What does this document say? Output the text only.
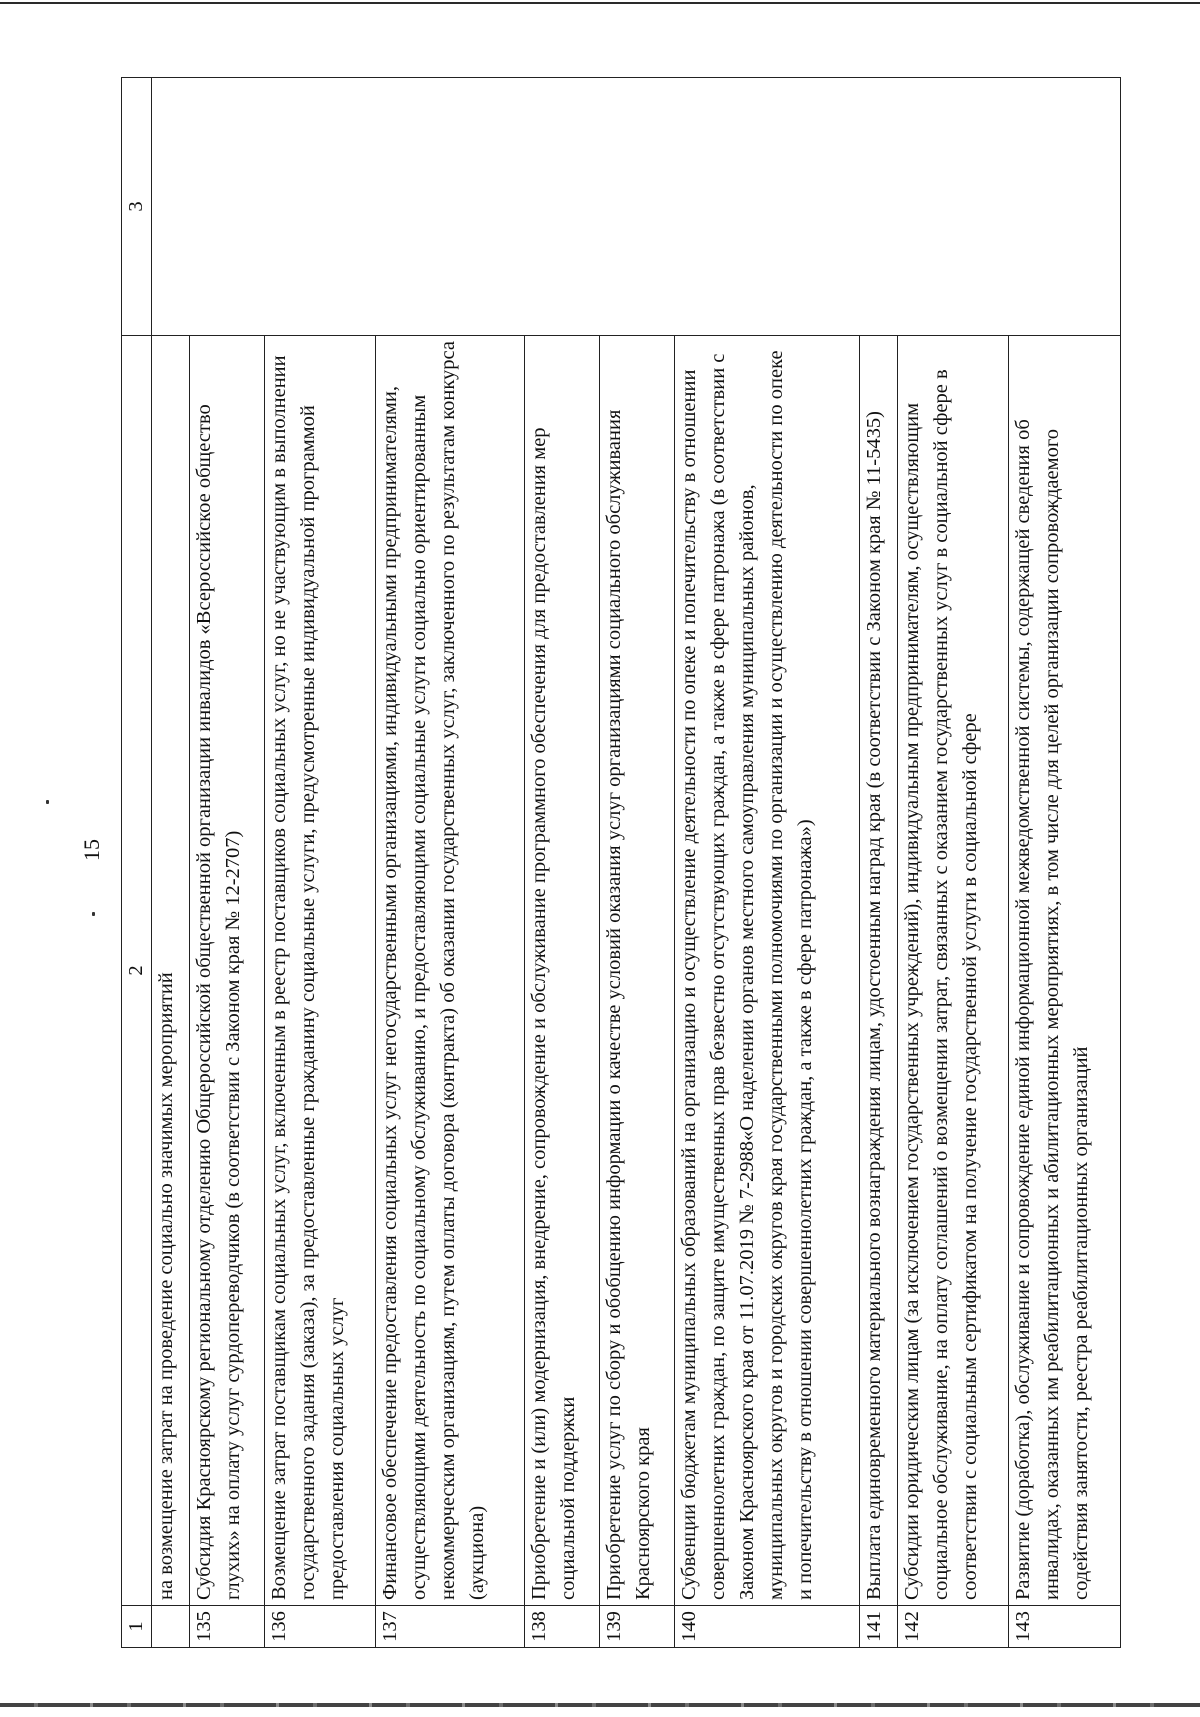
15
1	2	3
	на возмещение затрат на проведение социально значимых мероприятий	
135	Субсидия Красноярскому региональному отделению Общероссийской общественной организации инвалидов «Всероссийское общество глухих» на оплату услуг сурдопереводчиков (в соответствии с Законом края № 12-2707)	
136	Возмещение затрат поставщикам социальных услуг, включенным в реестр поставщиков социальных услуг, но не участвующим в выполнении государственного задания (заказа), за предоставленные гражданину социальные услуги, предусмотренные индивидуальной программой предоставления социальных услуг	
137	Финансовое обеспечение предоставления социальных услуг негосударственными организациями, индивидуальными предпринимателями, осуществляющими деятельность по социальному обслуживанию, и предоставляющими социальные услуги социально ориентированным некоммерческим организациям, путем оплаты договора (контракта) об оказании государственных услуг, заключенного по результатам конкурса (аукциона)	
138	Приобретение и (или) модернизация, внедрение, сопровождение и обслуживание программного обеспечения для предоставления мер социальной поддержки	
139	Приобретение услуг по сбору и обобщению информации о качестве условий оказания услуг организациями социального обслуживания Красноярского края	
140	Субвенции бюджетам муниципальных образований на организацию и осуществление деятельности по опеке и попечительству в отношении совершеннолетних граждан, по защите имущественных прав безвестно отсутствующих граждан, а также в сфере патронажа (в соответствии с Законом Красноярского края от 11.07.2019 № 7-2988«О наделении органов местного самоуправления муниципальных районов, муниципальных округов и городских округов края государственными полномочиями по организации и осуществлению деятельности по опеке и попечительству в отношении совершеннолетних граждан, а также в сфере патронажа»)	
141	Выплата единовременного материального вознаграждения лицам, удостоенным наград края (в соответствии с Законом края № 11-5435)	
142	Субсидии юридическим лицам (за исключением государственных учреждений), индивидуальным предпринимателям, осуществляющим социальное обслуживание, на оплату соглашений о возмещении затрат, связанных с оказанием государственных услуг в социальной сфере в соответствии с социальным сертификатом на получение государственной услуги в социальной сфере	
143	Развитие (доработка), обслуживание и сопровождение единой информационной межведомственной системы, содержащей сведения об инвалидах, оказанных им реабилитационных и абилитационных мероприятиях, в том числе для целей организации сопровождаемого содействия занятости, реестра реабилитационных организаций	
